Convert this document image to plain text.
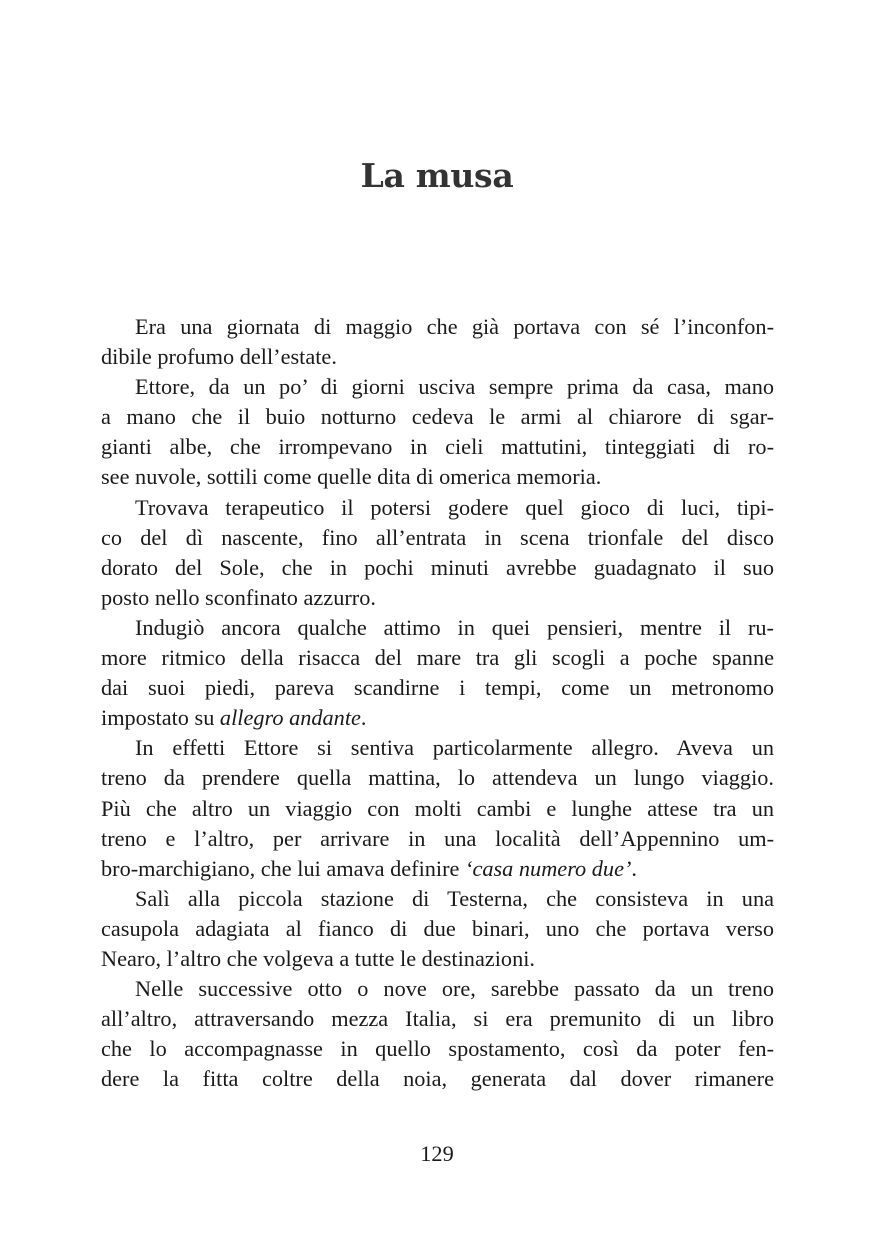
La musa
Era una giornata di maggio che già portava con sé l’inconfon-
dibile profumo dell’estate.
Ettore, da un po’ di giorni usciva sempre prima da casa, mano
a mano che il buio notturno cedeva le armi al chiarore di sgar-
gianti albe, che irrompevano in cieli mattutini, tinteggiati di ro-
see nuvole, sottili come quelle dita di omerica memoria.
Trovava terapeutico il potersi godere quel gioco di luci, tipi-
co del dì nascente, fino all’entrata in scena trionfale del disco
dorato del Sole, che in pochi minuti avrebbe guadagnato il suo
posto nello sconfinato azzurro.
Indugiò ancora qualche attimo in quei pensieri, mentre il ru-
more ritmico della risacca del mare tra gli scogli a poche spanne
dai suoi piedi, pareva scandirne i tempi, come un metronomo
impostato su allegro andante.
In effetti Ettore si sentiva particolarmente allegro. Aveva un
treno da prendere quella mattina, lo attendeva un lungo viaggio.
Più che altro un viaggio con molti cambi e lunghe attese tra un
treno e l’altro, per arrivare in una località dell’Appennino um-
bro-marchigiano, che lui amava definire ‘casa numero due’.
Salì alla piccola stazione di Testerna, che consisteva in una
casupola adagiata al fianco di due binari, uno che portava verso
Nearo, l’altro che volgeva a tutte le destinazioni.
Nelle successive otto o nove ore, sarebbe passato da un treno
all’altro, attraversando mezza Italia, si era premunito di un libro
che lo accompagnasse in quello spostamento, così da poter fen-
dere la fitta coltre della noia, generata dal dover rimanere
129
